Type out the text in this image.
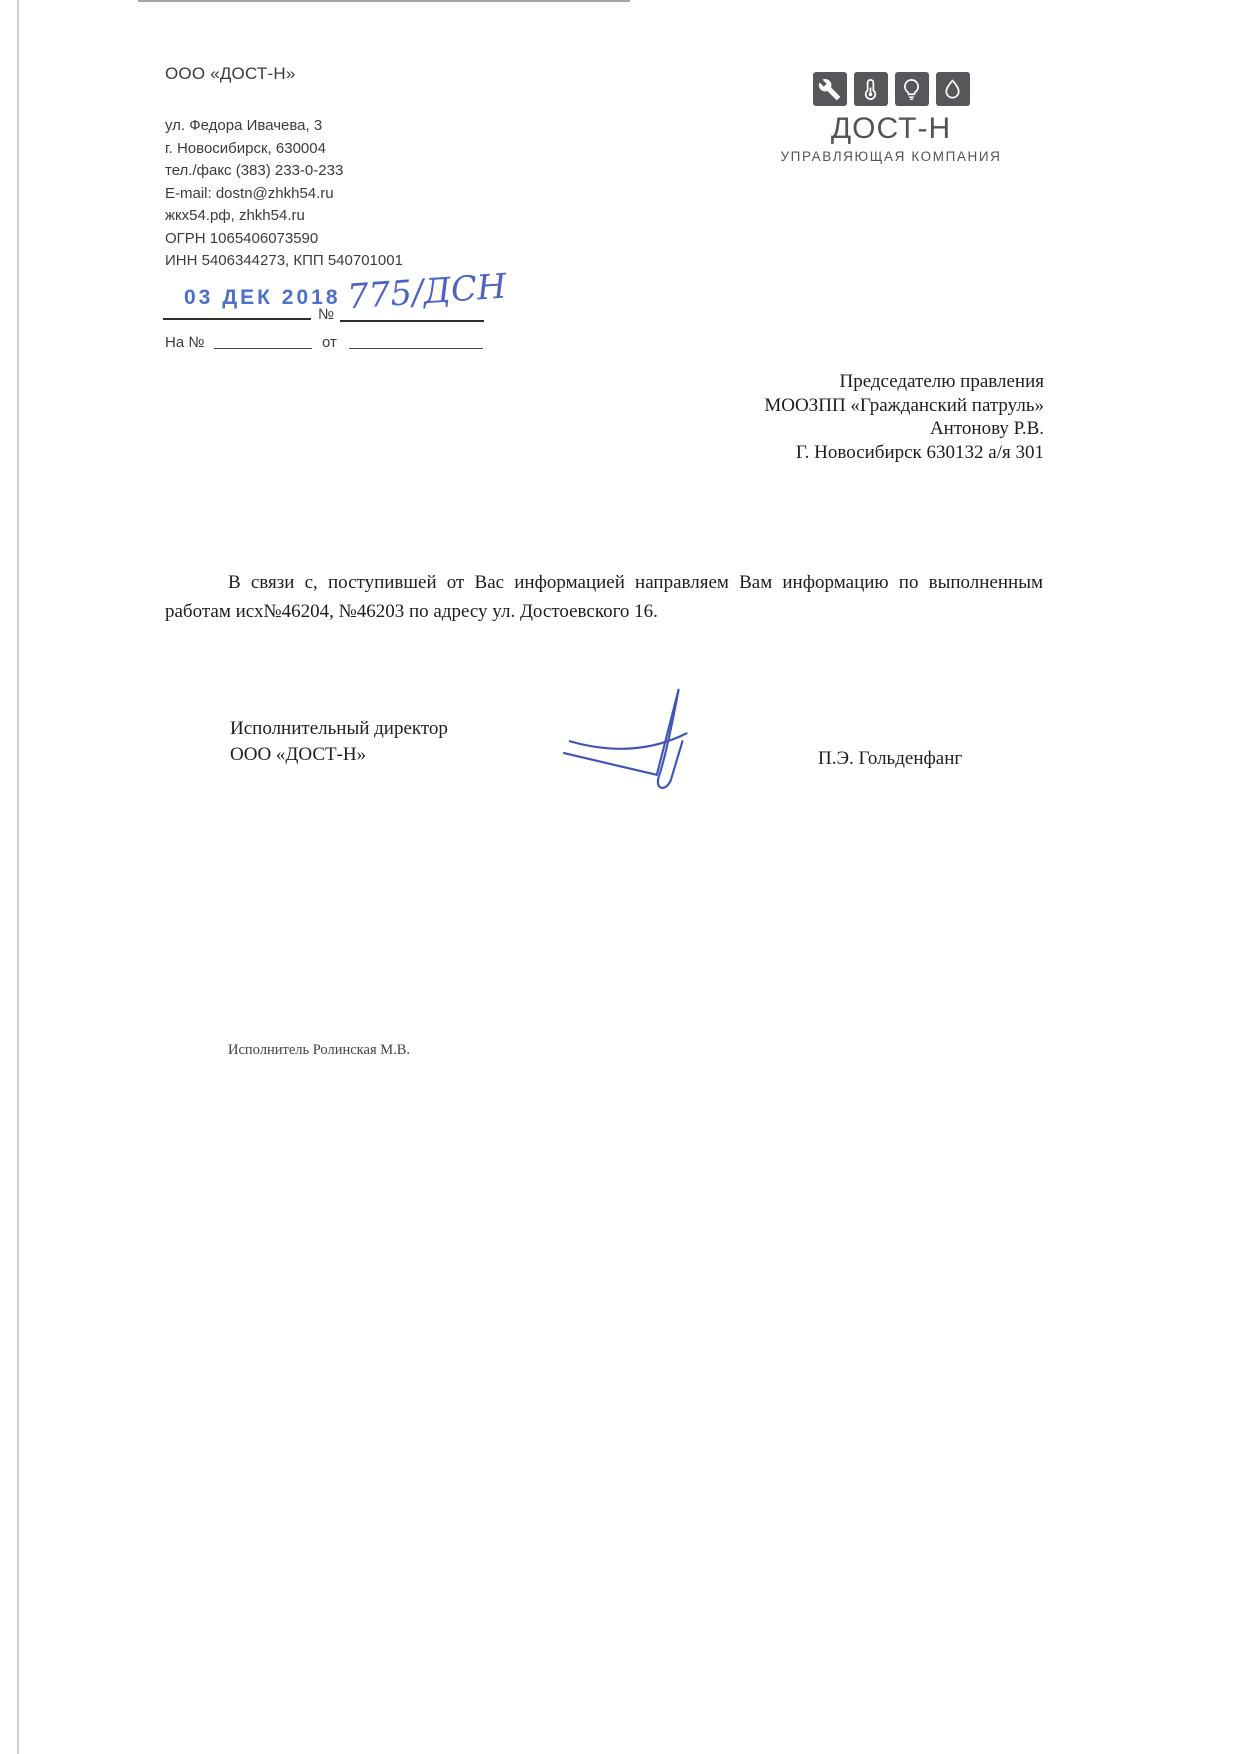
ООО «ДОСТ-Н»
ул. Федора Ивачева, 3
г. Новосибирск, 630004
тел./факс (383) 233-0-233
E-mail: dostn@zhkh54.ru
жкх54.рф, zhkh54.ru
ОГРН 1065406073590
ИНН 5406344273, КПП 540701001
ДОСТ-Н
УПРАВЛЯЮЩАЯ КОМПАНИЯ
03 ДЕК 2018
№ 775/ДСН
На №	от
Председателю правления
МООЗПП «Гражданский патруль»
Антонову Р.В.
Г. Новосибирск 630132 а/я 301
В связи с, поступившей от Вас информацией направляем Вам информацию по выполненным работам исх№46204, №46203 по адресу ул. Достоевского 16.
Исполнительный директор
ООО «ДОСТ-Н»	П.Э. Гольденфанг
Исполнитель Ролинская М.В.
